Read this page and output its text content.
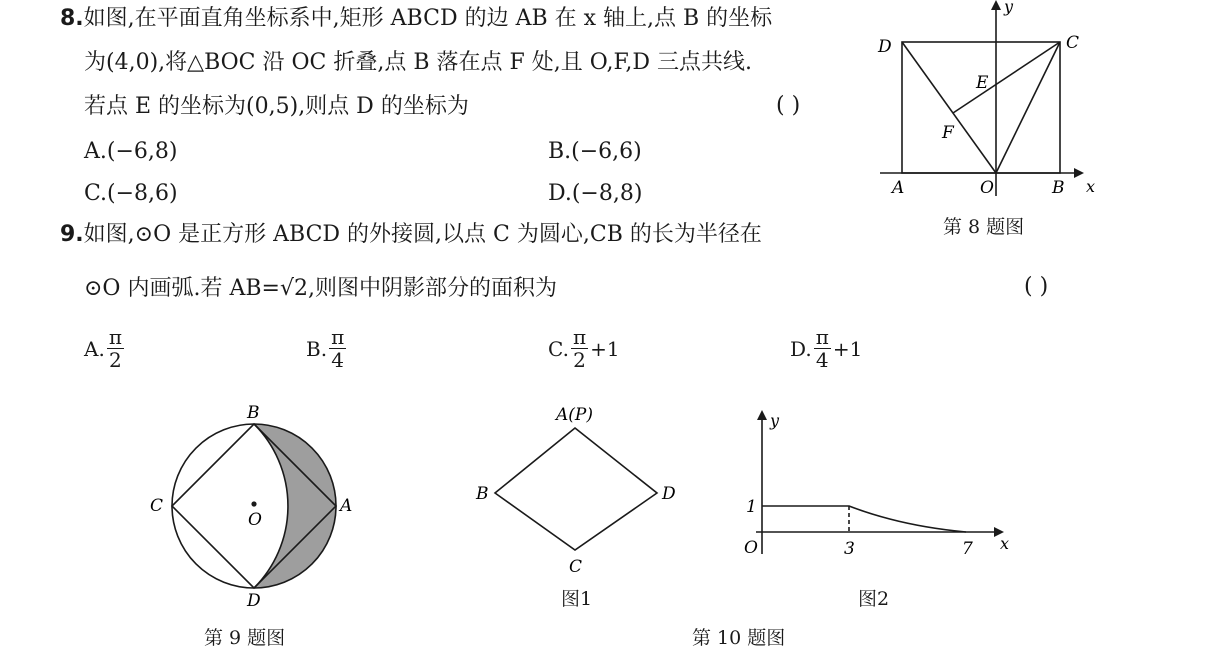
8.如图,在平面直角坐标系中,矩形 ABCD 的边 AB 在 x 轴上,点 B 的坐标
为(4,0),将△BOC 沿 OC 折叠,点 B 落在点 F 处,且 O,F,D 三点共线.
若点 E 的坐标为(0,5),则点 D 的坐标为	( )
A.(−6,8)	B.(−6,6)
C.(−8,6)	D.(−8,8)
y
D	C
E
F
A	O	B x
第 8 题图
9.如图,⊙O 是正方形 ABCD 的外接圆,以点 C 为圆心,CB 的长为半径在
⊙O 内画弧.若 AB=√2,则图中阴影部分的面积为	( )
A. $\frac{\pi}{2}$	B. $\frac{\pi}{4}$	C. $\frac{\pi}{2} +1$	D. $\frac{\pi}{4} +1$
B
C	A
O
D
第 9 题图
A(P)
B	D
C
图1
y
1
O	3	7 x
图2
第 10 题图
